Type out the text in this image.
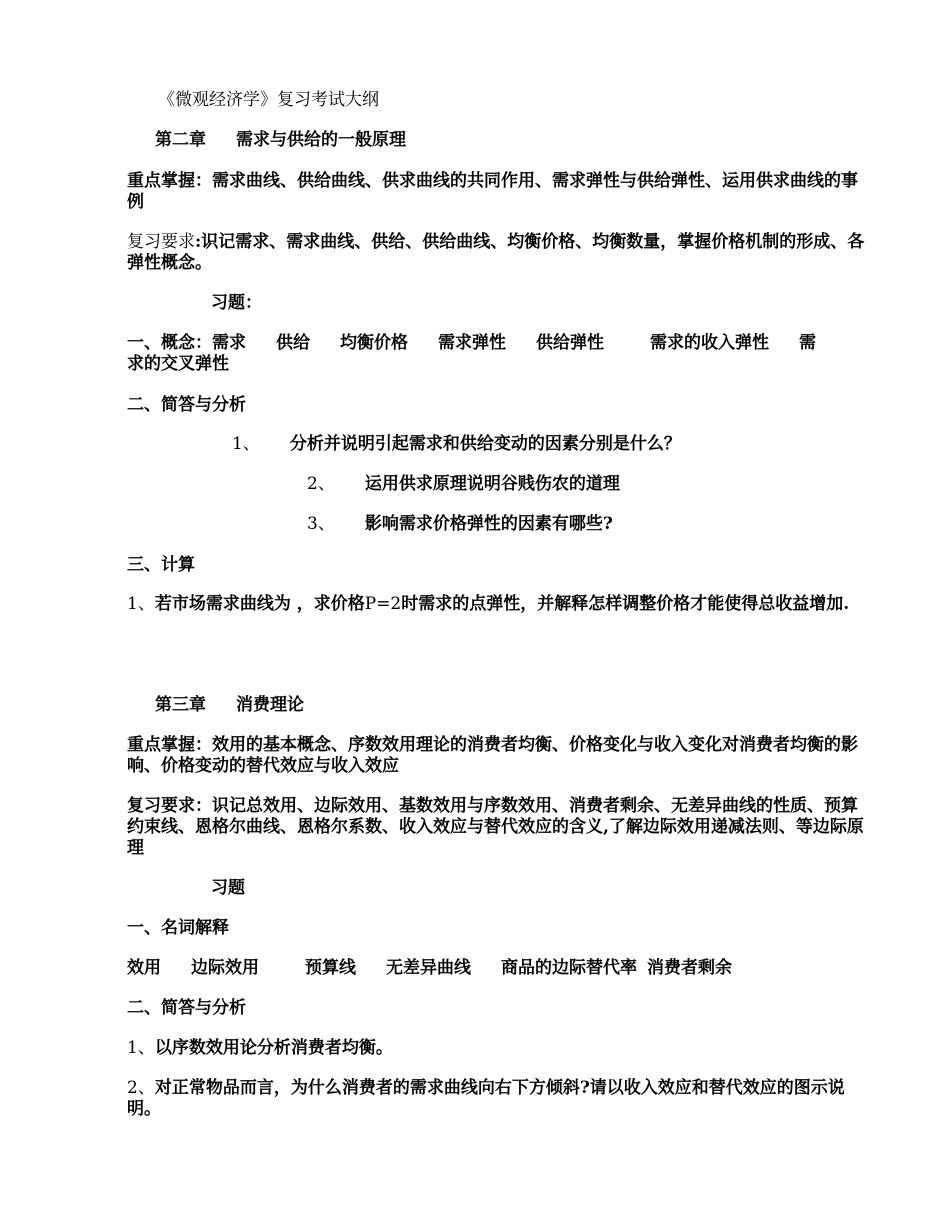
《微观经济学》复习考试大纲
第二章 需求与供给的一般原理
重点掌握：需求曲线、供给曲线、供求曲线的共同作用、需求弹性与供给弹性、运用供求曲线的事例
复习要求:识记需求、需求曲线、供给、供给曲线、均衡价格、均衡数量，掌握价格机制的形成、各弹性概念。
习题：
一、概念：需求 供给 均衡价格 需求弹性 供给弹性	需求的收入弹性 需
求的交叉弹性
二、简答与分析
1、 分析并说明引起需求和供给变动的因素分别是什么？
2、 运用供求原理说明谷贱伤农的道理
3、 影响需求价格弹性的因素有哪些?
三、计算
1、若市场需求曲线为 ，求价格P=2时需求的点弹性，并解释怎样调整价格才能使得总收益增加.
第三章 消费理论
重点掌握：效用的基本概念、序数效用理论的消费者均衡、价格变化与收入变化对消费者均衡的影响、价格变动的替代效应与收入效应
复习要求：识记总效用、边际效用、基数效用与序数效用、消费者剩余、无差异曲线的性质、预算约束线、恩格尔曲线、恩格尔系数、收入效应与替代效应的含义,了解边际效用递减法则、等边际原理
习题
一、名词解释
效用 边际效用	预算线 无差异曲线 商品的边际替代率 消费者剩余
二、简答与分析
1、以序数效用论分析消费者均衡。
2、对正常物品而言，为什么消费者的需求曲线向右下方倾斜?请以收入效应和替代效应的图示说明。
